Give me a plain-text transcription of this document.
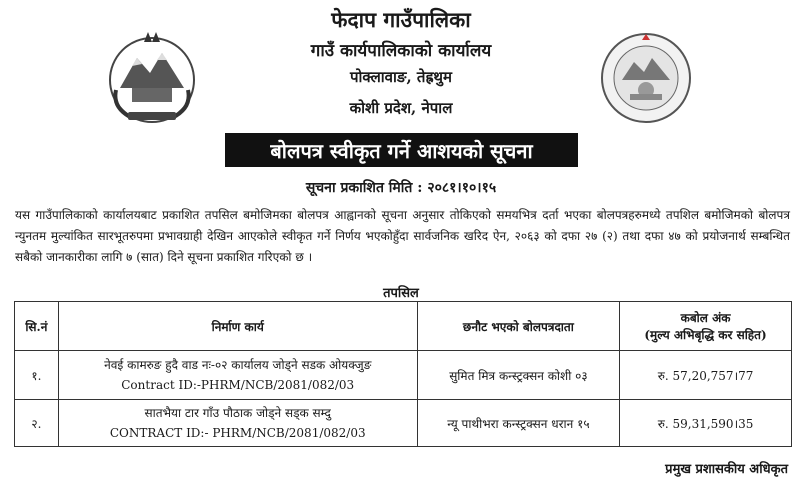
फेदाप गाउँपालिका
गाउँ कार्यपालिकाको कार्यालय
पोक्लावाङ, तेह्रथुम
कोशी प्रदेश, नेपाल
बोलपत्र स्वीकृत गर्ने आशयको सूचना
सूचना प्रकाशित मिति : २०८१।१०।१५
यस गाउँपालिकाको कार्यालयबाट प्रकाशित तपसिल बमोजिमका बोलपत्र आह्वानको सूचना अनुसार तोकिएको समयभित्र दर्ता भएका बोलपत्रहरुमध्ये तपशिल बमोजिमको बोलपत्र न्युनतम मुल्यांकित सारभूतरुपमा प्रभावग्राही देखिन आएकोले स्वीकृत गर्ने निर्णय भएकोहुँदा सार्वजनिक खरिद ऐन, २०६३ को दफा २७ (२) तथा दफा ४७ को प्रयोजनार्थ सम्बन्धित सबैको जानकारीका लागि ७ (सात) दिने सूचना प्रकाशित गरिएको छ ।
तपसिल
सि.नं	निर्माण कार्य	छनौट भएको बोलपत्रदाता	कबोल अंक
(मुल्य अभिबृद्धि कर सहित)

१.	नेवई कामरुङ हुदै वाड नः-०२ कार्यालय जोड्ने सडक ओयक्जुङ
Contract ID:-PHRM/NCB/2081/082/03	सुमित मित्र कन्स्ट्रक्सन कोशी ०३	रु. 57,20,757।77
२.	सातभैया टार गाँउ पौठाक जोड्ने सड्क सम्दु
CONTRACT ID:- PHRM/NCB/2081/082/03	न्यू पाथीभरा कन्स्ट्रक्सन धरान १५	रु. 59,31,590।35
प्रमुख प्रशासकीय अधिकृत
